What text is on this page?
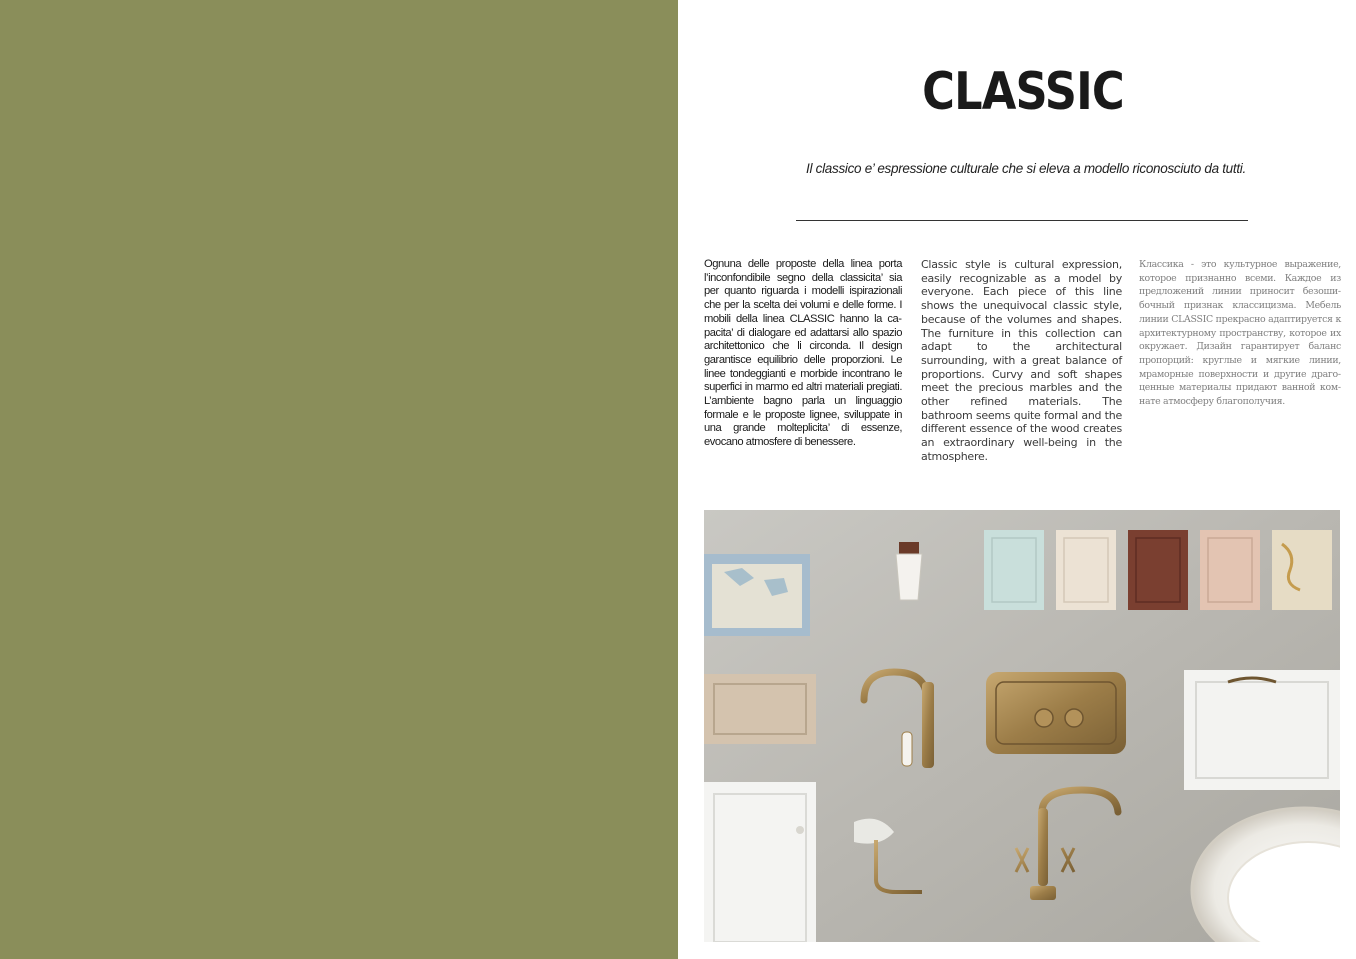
CLASSIC

Il classico e’ espressione culturale che si eleva a modello riconosciuto da tutti.

Ognuna delle proposte della linea porta l’inconfondibile segno della classicita’ sia per quanto riguarda i modelli ispirazionali che per la scelta dei volumi e delle forme. I mobili della linea CLASSIC hanno la capacita’ di dialogare ed adattarsi allo spazio architettonico che li circonda. Il design garantisce equilibrio delle proporzioni. Le linee tondeggianti e morbide incontrano le superfici in marmo ed altri materiali pregiati. L’ambiente bagno parla un linguaggio formale e le proposte lignee, sviluppate in una grande molteplicita’ di essenze, evocano atmosfere di benessere.

Classic style is cultural expression, easily recognizable as a model by everyone. Each piece of this line shows the unequivocal classic style, because of the volumes and shapes. The furniture in this collection can adapt to the architectural surrounding, with a great balance of proportions. Curvy and soft shapes meet the precious marbles and the other refined materials. The bathroom seems quite formal and the different essence of the wood creates an extraordinary well-being in the atmosphere.

Классика - это культурное выражение, которое признанно всеми. Каждое из предложений линии приносит безошибочный признак классицизма. Мебель линии CLASSIC прекрасно адаптируется к архитектурному пространству, которое их окружает. Дизайн гарантирует баланс пропорций: круглые и мягкие линии, мраморные поверхности и другие драгоценные материалы придают ванной комнате атмосферу благополучия.
